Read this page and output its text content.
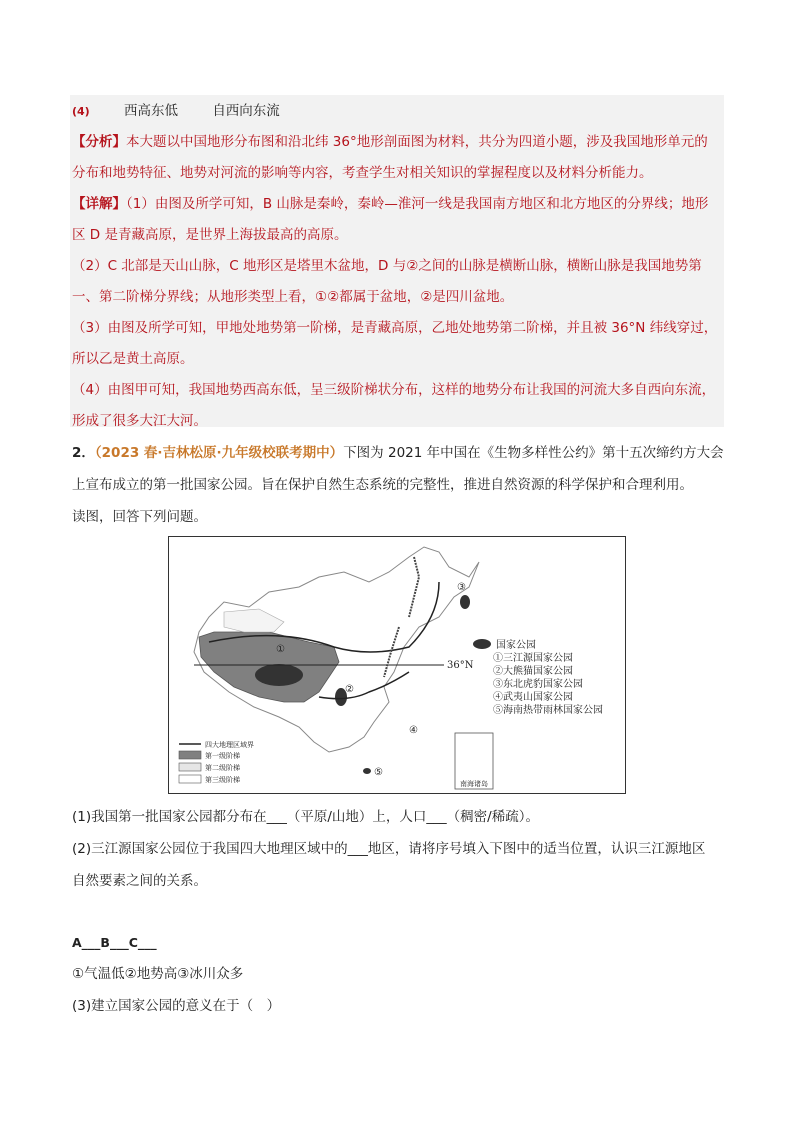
(4)	西高东低	自西向东流
【分析】本大题以中国地形分布图和沿北纬 36°地形剖面图为材料，共分为四道小题，涉及我国地形单元的
分布和地势特征、地势对河流的影响等内容，考查学生对相关知识的掌握程度以及材料分析能力。
【详解】（1）由图及所学可知，B 山脉是秦岭，秦岭—淮河一线是我国南方地区和北方地区的分界线；地形
区 D 是青藏高原，是世界上海拔最高的高原。
（2）C 北部是天山山脉，C 地形区是塔里木盆地，D 与②之间的山脉是横断山脉，横断山脉是我国地势第
一、第二阶梯分界线；从地形类型上看，①②都属于盆地，②是四川盆地。
（3）由图及所学可知，甲地处地势第一阶梯，是青藏高原，乙地处地势第二阶梯，并且被 36°N 纬线穿过，
所以乙是黄土高原。
（4）由图甲可知，我国地势西高东低，呈三级阶梯状分布，这样的地势分布让我国的河流大多自西向东流，
形成了很多大江大河。
2．（2023 春·吉林松原·九年级校联考期中）下图为 2021 年中国在《生物多样性公约》第十五次缔约方大会
上宣布成立的第一批国家公园。旨在保护自然生态系统的完整性，推进自然资源的科学保护和合理利用。
读图，回答下列问题。
36°N
①
②
③
④
⑤
国家公园
①三江源国家公园
②大熊猫国家公园
③东北虎豹国家公园
④武夷山国家公园
⑤海南热带雨林国家公园
四大地理区域界
第一级阶梯
第二级阶梯
第三级阶梯	南海诸岛
(1)我国第一批国家公园都分布在___（平原/山地）上，人口___（稠密/稀疏）。
(2)三江源国家公园位于我国四大地理区域中的___地区，请将序号填入下图中的适当位置，认识三江源地区
自然要素之间的关系。
A___B___C___
①气温低②地势高③冰川众多
(3)建立国家公园的意义在于（　）
